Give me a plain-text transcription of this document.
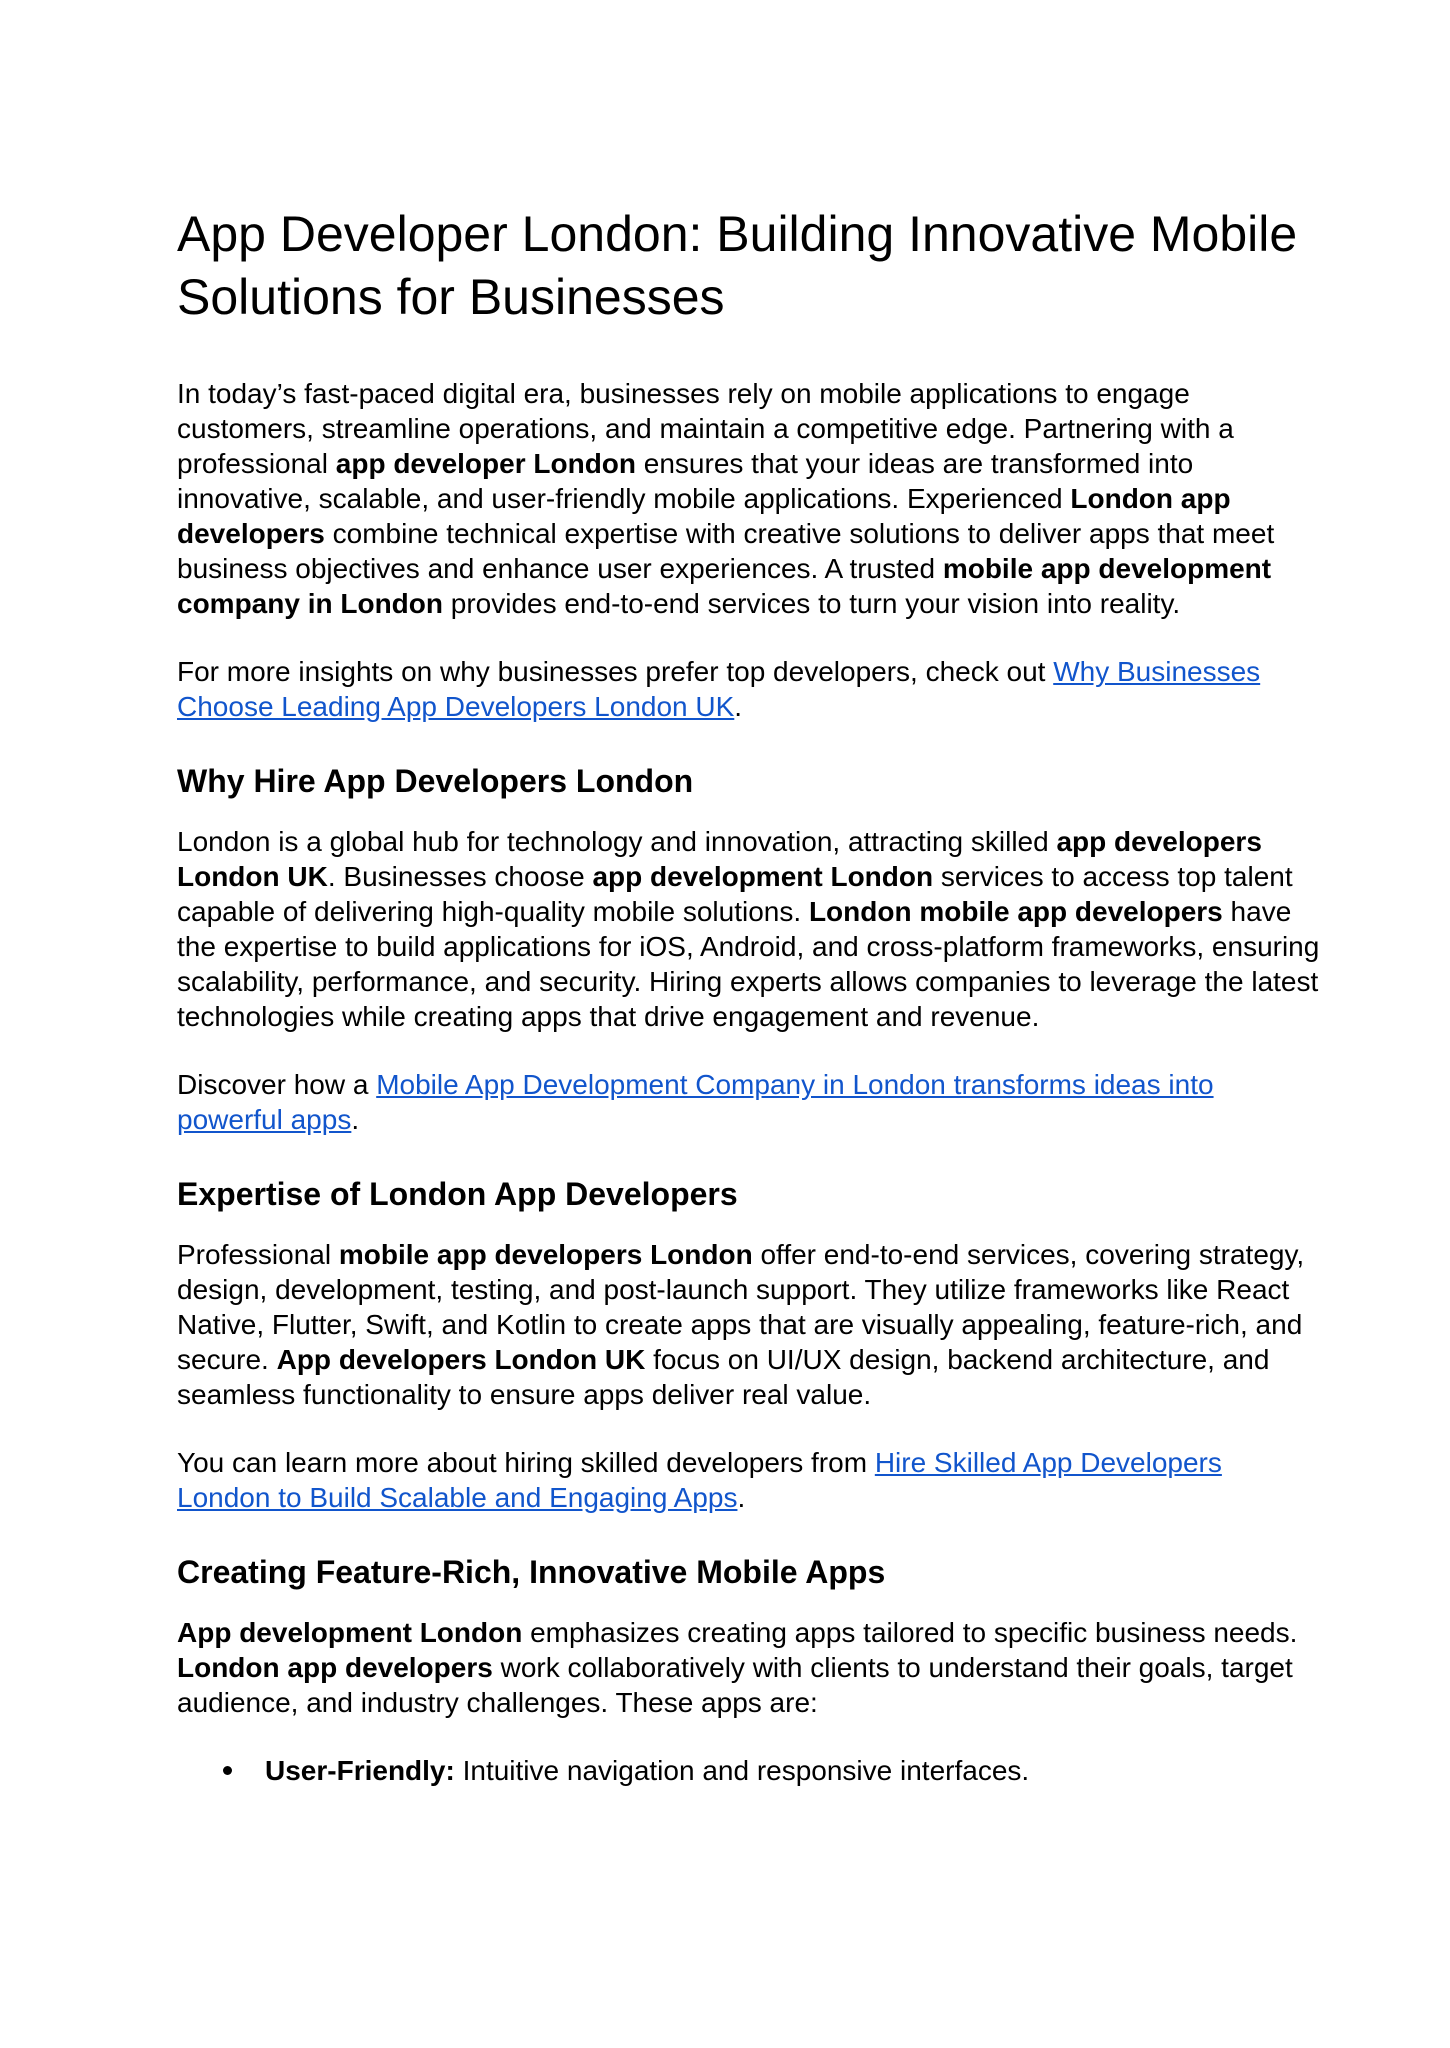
App Developer London: Building Innovative Mobile Solutions for Businesses

In today’s fast-paced digital era, businesses rely on mobile applications to engage customers, streamline operations, and maintain a competitive edge. Partnering with a professional app developer London ensures that your ideas are transformed into innovative, scalable, and user-friendly mobile applications. Experienced London app developers combine technical expertise with creative solutions to deliver apps that meet business objectives and enhance user experiences. A trusted mobile app development company in London provides end-to-end services to turn your vision into reality.

For more insights on why businesses prefer top developers, check out Why Businesses Choose Leading App Developers London UK.

Why Hire App Developers London

London is a global hub for technology and innovation, attracting skilled app developers London UK. Businesses choose app development London services to access top talent capable of delivering high-quality mobile solutions. London mobile app developers have the expertise to build applications for iOS, Android, and cross-platform frameworks, ensuring scalability, performance, and security. Hiring experts allows companies to leverage the latest technologies while creating apps that drive engagement and revenue.

Discover how a Mobile App Development Company in London transforms ideas into powerful apps.

Expertise of London App Developers

Professional mobile app developers London offer end-to-end services, covering strategy, design, development, testing, and post-launch support. They utilize frameworks like React Native, Flutter, Swift, and Kotlin to create apps that are visually appealing, feature-rich, and secure. App developers London UK focus on UI/UX design, backend architecture, and seamless functionality to ensure apps deliver real value.

You can learn more about hiring skilled developers from Hire Skilled App Developers London to Build Scalable and Engaging Apps.

Creating Feature-Rich, Innovative Mobile Apps

App development London emphasizes creating apps tailored to specific business needs. London app developers work collaboratively with clients to understand their goals, target audience, and industry challenges. These apps are:

User-Friendly: Intuitive navigation and responsive interfaces.
